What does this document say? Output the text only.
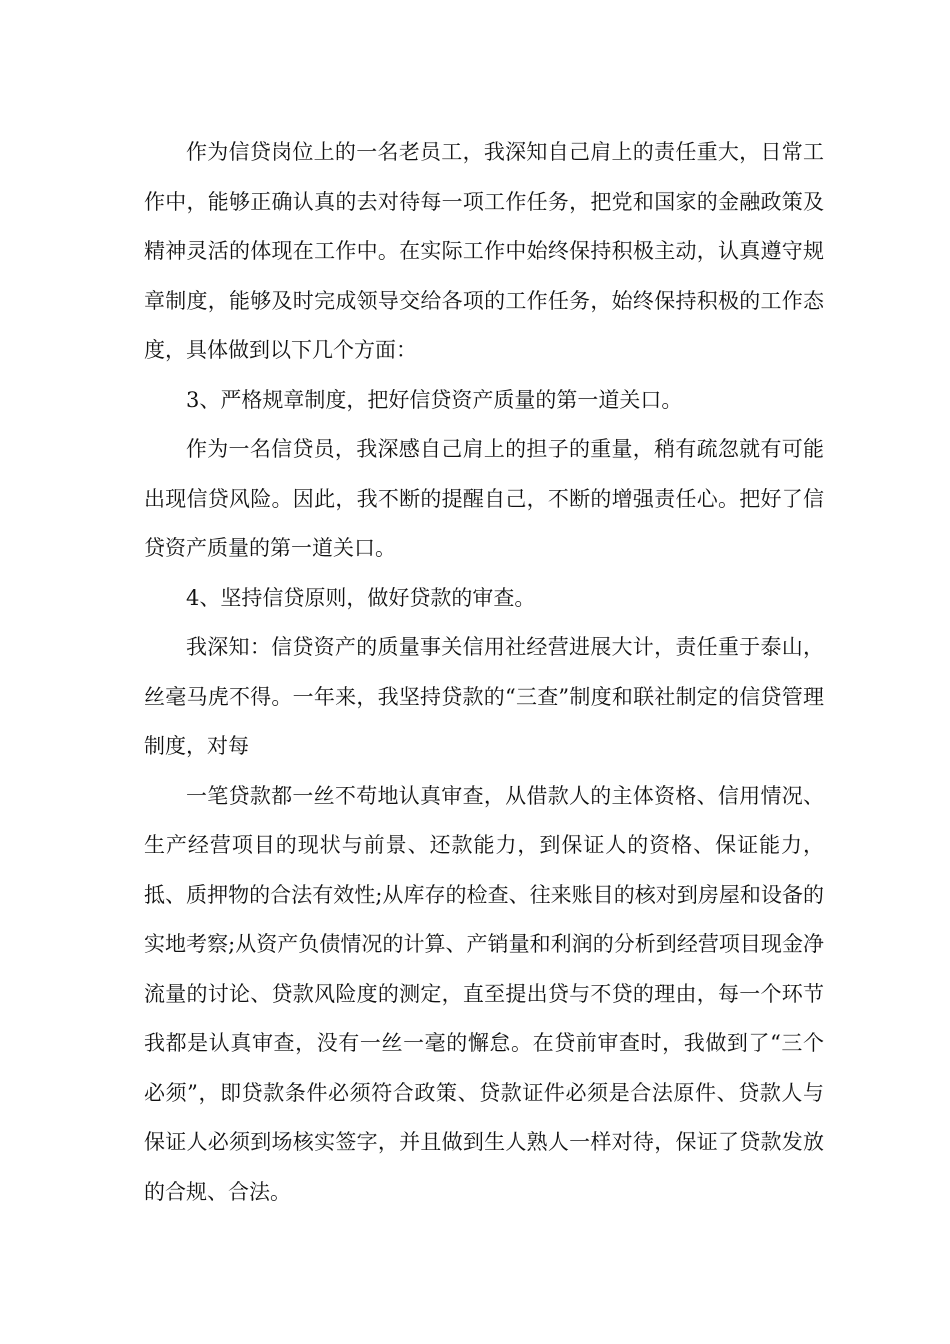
作为信贷岗位上的一名老员工，我深知自己肩上的责任重大，日常工作中，能够正确认真的去对待每一项工作任务，把党和国家的金融政策及精神灵活的体现在工作中。在实际工作中始终保持积极主动，认真遵守规章制度，能够及时完成领导交给各项的工作任务，始终保持积极的工作态度，具体做到以下几个方面：

3、严格规章制度，把好信贷资产质量的第一道关口。

作为一名信贷员，我深感自己肩上的担子的重量，稍有疏忽就有可能出现信贷风险。因此，我不断的提醒自己，不断的增强责任心。把好了信贷资产质量的第一道关口。

4、坚持信贷原则，做好贷款的审查。

我深知：信贷资产的质量事关信用社经营进展大计，责任重于泰山，丝毫马虎不得。一年来，我坚持贷款的“三查”制度和联社制定的信贷管理制度，对每

一笔贷款都一丝不苟地认真审查，从借款人的主体资格、信用情况、生产经营项目的现状与前景、还款能力，到保证人的资格、保证能力，抵、质押物的合法有效性;从库存的检查、往来账目的核对到房屋和设备的实地考察;从资产负债情况的计算、产销量和利润的分析到经营项目现金净流量的讨论、贷款风险度的测定，直至提出贷与不贷的理由，每一个环节我都是认真审查，没有一丝一毫的懈怠。在贷前审查时，我做到了“三个必须”，即贷款条件必须符合政策、贷款证件必须是合法原件、贷款人与保证人必须到场核实签字，并且做到生人熟人一样对待，保证了贷款发放的合规、合法。
